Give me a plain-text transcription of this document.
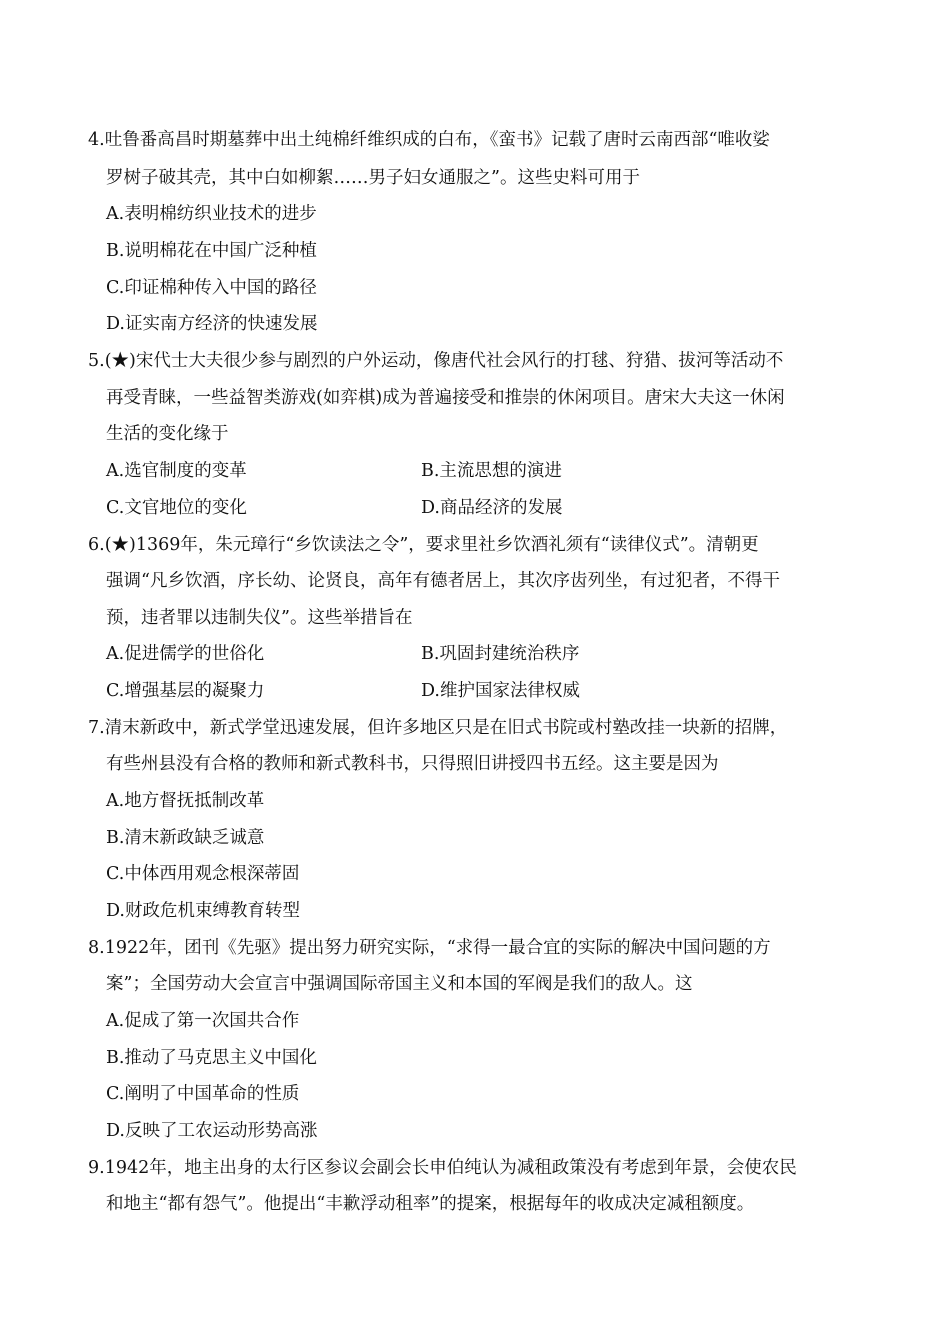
4.吐鲁番高昌时期墓葬中出土纯棉纤维织成的白布，《蛮书》记载了唐时云南西部“唯收娑
罗树子破其壳，其中白如柳絮……男子妇女通服之”。这些史料可用于
A.表明棉纺织业技术的进步
B.说明棉花在中国广泛种植
C.印证棉种传入中国的路径
D.证实南方经济的快速发展
5.(★)宋代士大夫很少参与剧烈的户外运动，像唐代社会风行的打毬、狩猎、拔河等活动不
再受青睐，一些益智类游戏(如弈棋)成为普遍接受和推崇的休闲项目。唐宋大夫这一休闲
生活的变化缘于
A.选官制度的变革	B.主流思想的演进
C.文官地位的变化	D.商品经济的发展
6.(★)1369年，朱元璋行“乡饮读法之令”，要求里社乡饮酒礼须有“读律仪式”。清朝更
强调“凡乡饮酒，序长幼、论贤良，高年有德者居上，其次序齿列坐，有过犯者，不得干
预，违者罪以违制失仪”。这些举措旨在
A.促进儒学的世俗化	B.巩固封建统治秩序
C.增强基层的凝聚力	D.维护国家法律权威
7.清末新政中，新式学堂迅速发展，但许多地区只是在旧式书院或村塾改挂一块新的招牌，
有些州县没有合格的教师和新式教科书，只得照旧讲授四书五经。这主要是因为
A.地方督抚抵制改革
B.清末新政缺乏诚意
C.中体西用观念根深蒂固
D.财政危机束缚教育转型
8.1922年，团刊《先驱》提出努力研究实际，“求得一最合宜的实际的解决中国问题的方
案”；全国劳动大会宣言中强调国际帝国主义和本国的军阀是我们的敌人。这
A.促成了第一次国共合作
B.推动了马克思主义中国化
C.阐明了中国革命的性质
D.反映了工农运动形势高涨
9.1942年，地主出身的太行区参议会副会长申伯纯认为减租政策没有考虑到年景，会使农民
和地主“都有怨气”。他提出“丰歉浮动租率”的提案，根据每年的收成决定减租额度。
